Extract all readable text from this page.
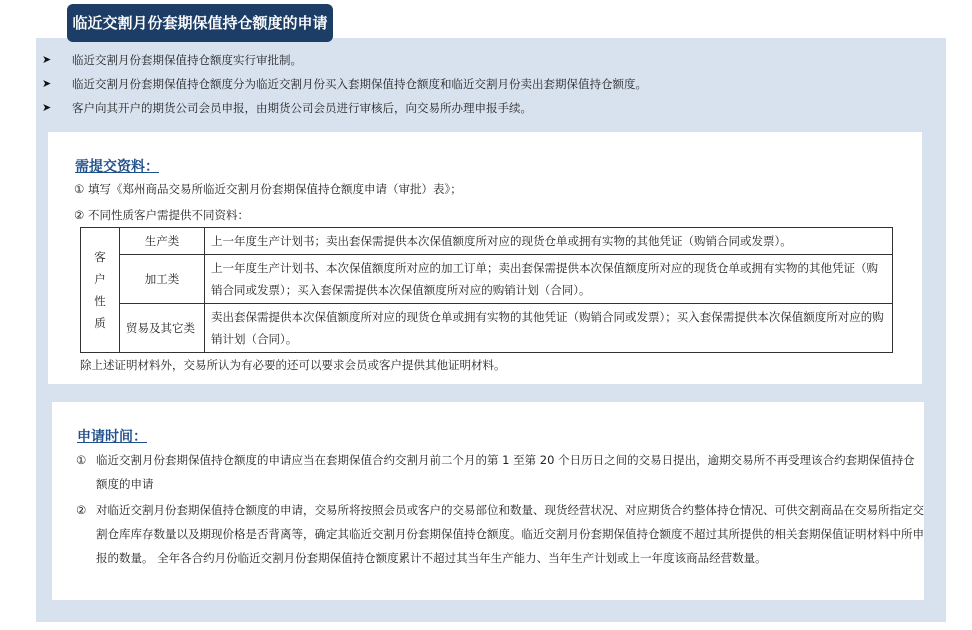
临近交割月份套期保值持仓额度的申请
➤ 临近交割月份套期保值持仓额度实行审批制。
➤ 临近交割月份套期保值持仓额度分为临近交割月份买入套期保值持仓额度和临近交割月份卖出套期保值持仓额度。
➤ 客户向其开户的期货公司会员申报，由期货公司会员进行审核后，向交易所办理申报手续。
需提交资料：
① 填写《郑州商品交易所临近交割月份套期保值持仓额度申请（审批）表》；
② 不同性质客户需提供不同资料：
客
户
性
质	生产类	上一年度生产计划书；卖出套保需提供本次保值额度所对应的现货仓单或拥有实物的其他凭证（购销合同或发票）。
	加工类	上一年度生产计划书、本次保值额度所对应的加工订单；卖出套保需提供本次保值额度所对应的现货仓单或拥有实物的其他凭证（购销合同或发票）；买入套保需提供本次保值额度所对应的购销计划（合同）。
	贸易及其它类	卖出套保需提供本次保值额度所对应的现货仓单或拥有实物的其他凭证（购销合同或发票）；买入套保需提供本次保值额度所对应的购销计划（合同）。
除上述证明材料外，交易所认为有必要的还可以要求会员或客户提供其他证明材料。
申请时间：
① 临近交割月份套期保值持仓额度的申请应当在套期保值合约交割月前二个月的第 1 至第 20 个日历日之间的交易日提出，逾期交易所不再受理该合约套期保值持仓额度的申请
② 对临近交割月份套期保值持仓额度的申请，交易所将按照会员或客户的交易部位和数量、现货经营状况、对应期货合约整体持仓情况、可供交割商品在交易所指定交割仓库库存数量以及期现价格是否背离等，确定其临近交割月份套期保值持仓额度。临近交割月份套期保值持仓额度不超过其所提供的相关套期保值证明材料中所申报的数量。 全年各合约月份临近交割月份套期保值持仓额度累计不超过其当年生产能力、当年生产计划或上一年度该商品经营数量。
